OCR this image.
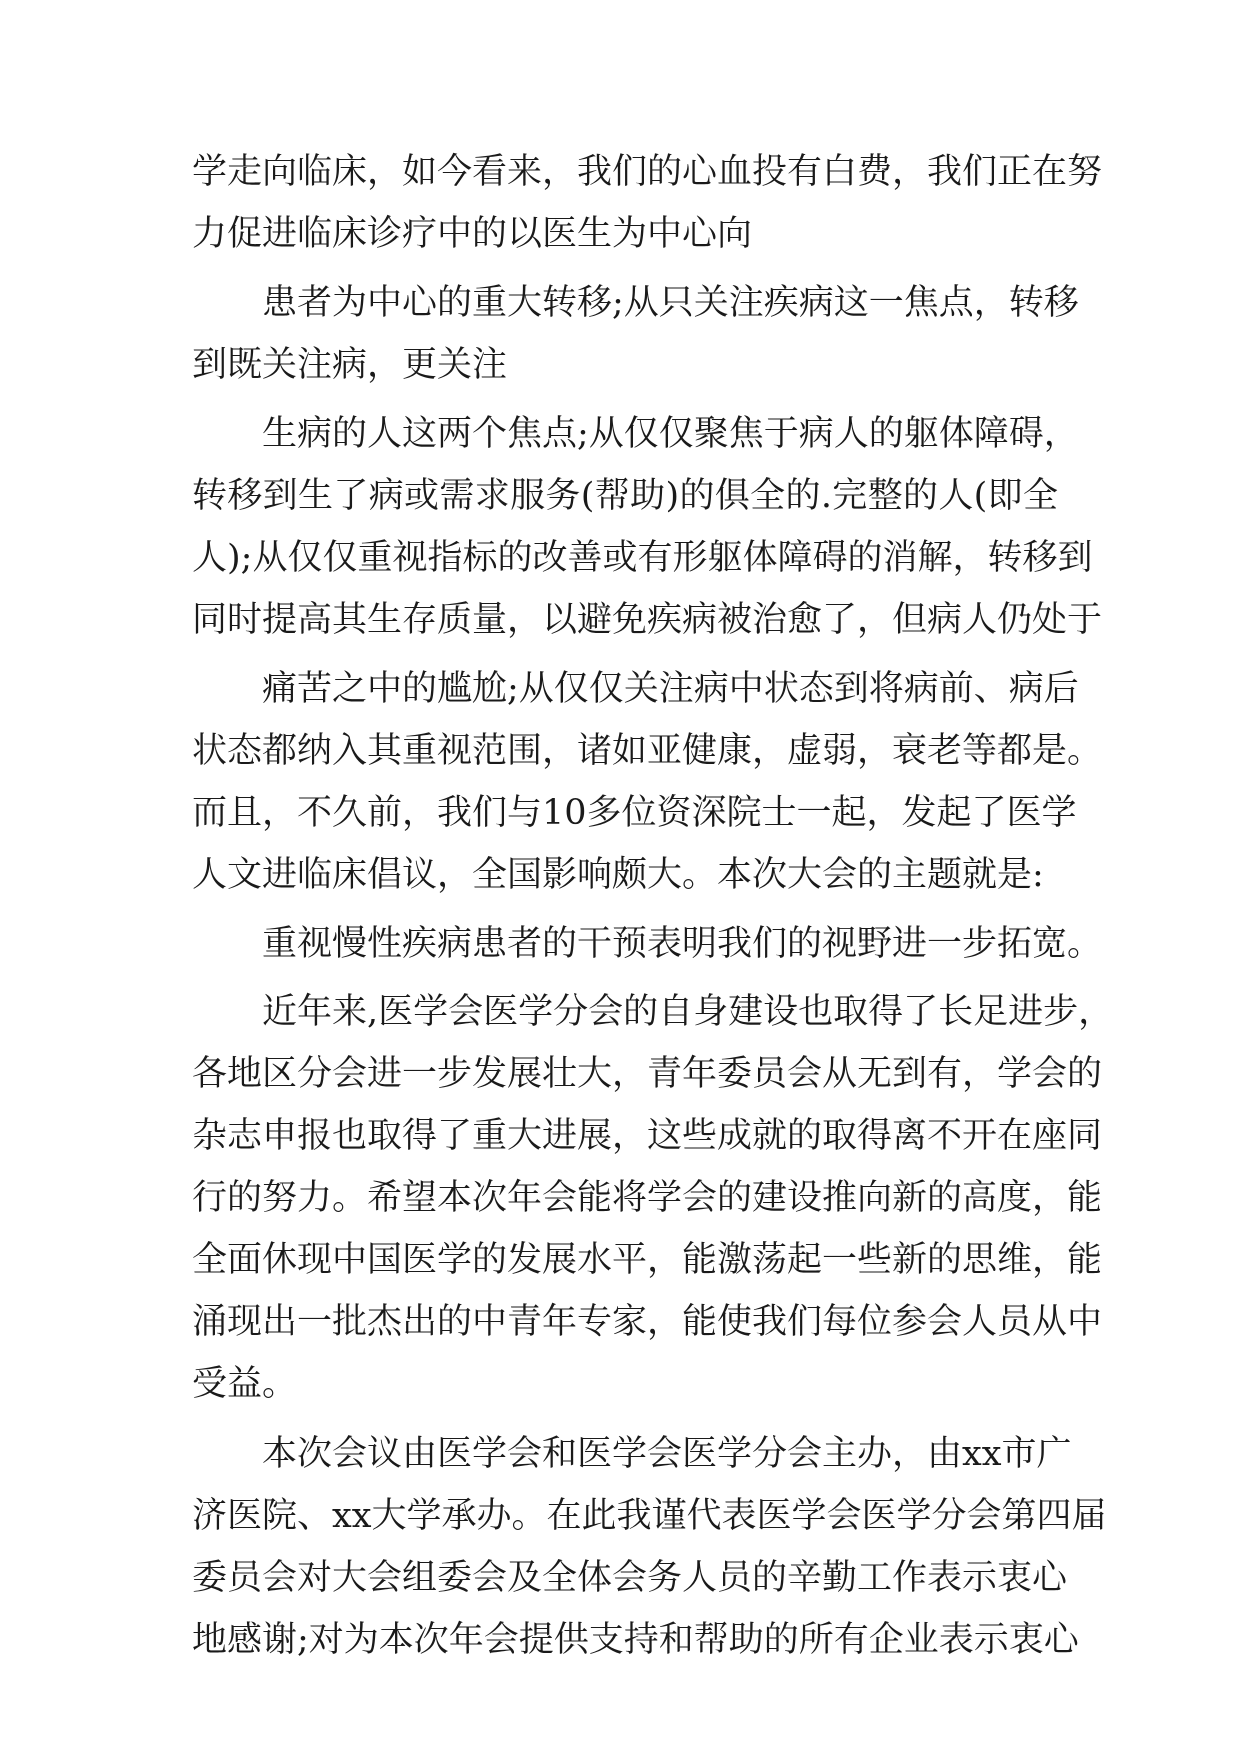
学走向临床，如今看来，我们的心血投有白费，我们正在努
力促进临床诊疗中的以医生为中心向
患者为中心的重大转移;从只关注疾病这一焦点，转移
到既关注病，更关注
生病的人这两个焦点;从仅仅聚焦于病人的躯体障碍，
转移到生了病或需求服务(帮助)的俱全的.完整的人(即全
人);从仅仅重视指标的改善或有形躯体障碍的消解，转移到
同时提高其生存质量，以避免疾病被治愈了，但病人仍处于
痛苦之中的尴尬;从仅仅关注病中状态到将病前、病后
状态都纳入其重视范围，诸如亚健康，虚弱，衰老等都是。
而且，不久前，我们与10多位资深院士一起，发起了医学
人文进临床倡议，全国影响颇大。本次大会的主题就是:
重视慢性疾病患者的干预表明我们的视野进一步拓宽。
近年来,医学会医学分会的自身建设也取得了长足进步，
各地区分会进一步发展壮大，青年委员会从无到有，学会的
杂志申报也取得了重大进展，这些成就的取得离不开在座同
行的努力。希望本次年会能将学会的建设推向新的高度，能
全面休现中国医学的发展水平，能激荡起一些新的思维，能
涌现出一批杰出的中青年专家，能使我们每位参会人员从中
受益。
本次会议由医学会和医学会医学分会主办，由xx市广
济医院、xx大学承办。在此我谨代表医学会医学分会第四届
委员会对大会组委会及全体会务人员的辛勤工作表示衷心
地感谢;对为本次年会提供支持和帮助的所有企业表示衷心
